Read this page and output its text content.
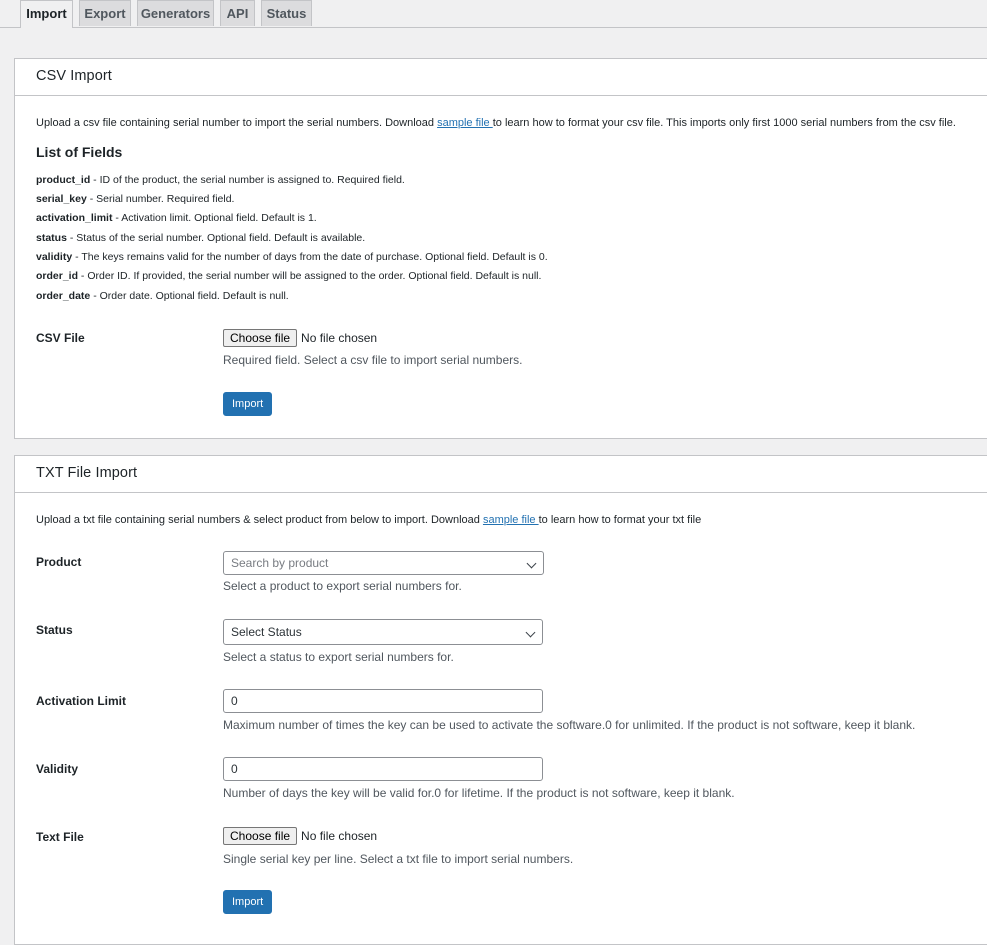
Import	Export	Generators	API	Status
CSV Import
Upload a csv file containing serial number to import the serial numbers. Download sample file to learn how to format your csv file. This imports only first 1000 serial numbers from the csv file.
List of Fields
product_id - ID of the product, the serial number is assigned to. Required field.
serial_key - Serial number. Required field.
activation_limit - Activation limit. Optional field. Default is 1.
status - Status of the serial number. Optional field. Default is available.
validity - The keys remains valid for the number of days from the date of purchase. Optional field. Default is 0.
order_id - Order ID. If provided, the serial number will be assigned to the order. Optional field. Default is null.
order_date - Order date. Optional field. Default is null.
CSV File	Choose file No file chosen
Required field. Select a csv file to import serial numbers.
Import
TXT File Import
Upload a txt file containing serial numbers & select product from below to import. Download sample file to learn how to format your txt file
Product	Search by product
Select a product to export serial numbers for.
Status	Select Status
Select a status to export serial numbers for.
Activation Limit	0
Maximum number of times the key can be used to activate the software.0 for unlimited. If the product is not software, keep it blank.
Validity	0
Number of days the key will be valid for.0 for lifetime. If the product is not software, keep it blank.
Text File	Choose file No file chosen
Single serial key per line. Select a txt file to import serial numbers.
Import
